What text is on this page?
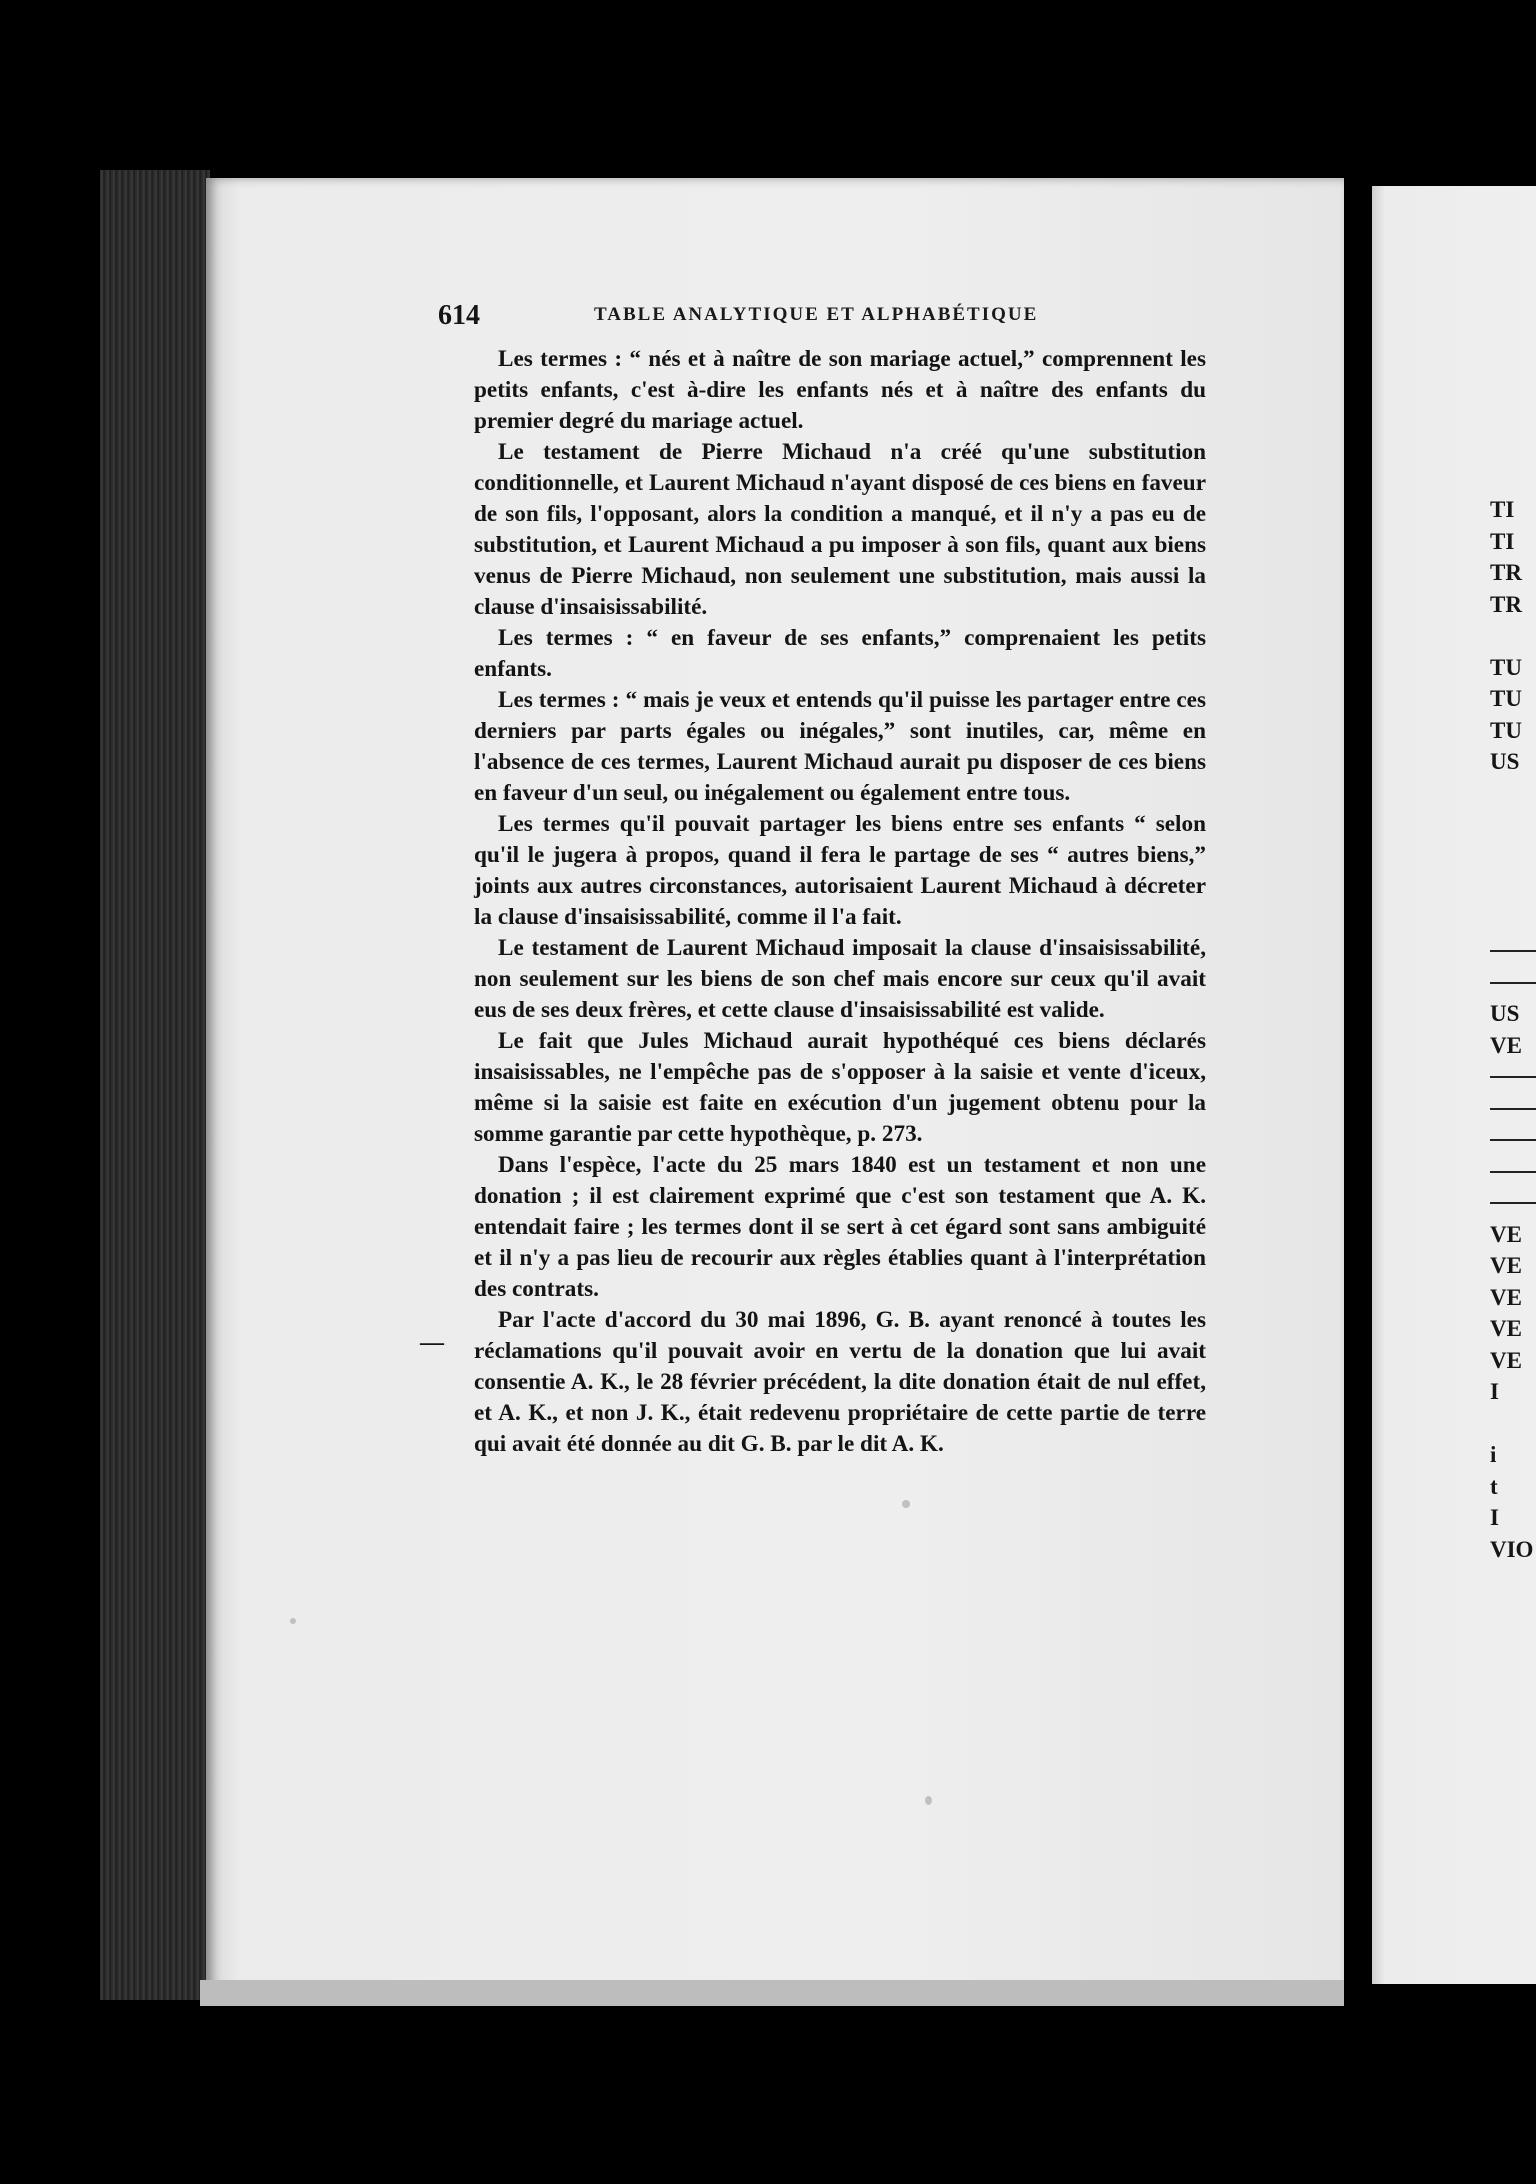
614	TABLE ANALYTIQUE ET ALPHABÉTIQUE
—

Les termes : “ nés et à naître de son mariage actuel,” comprennent les petits enfants, c'est à-dire les enfants nés et à naître des enfants du premier degré du mariage actuel.

Le testament de Pierre Michaud n'a créé qu'une substitution conditionnelle, et Laurent Michaud n'ayant disposé de ces biens en faveur de son fils, l'opposant, alors la condition a manqué, et il n'y a pas eu de substitution, et Laurent Michaud a pu imposer à son fils, quant aux biens venus de Pierre Michaud, non seulement une substitution, mais aussi la clause d'insaisissabilité.

Les termes : “ en faveur de ses enfants,” comprenaient les petits enfants.

Les termes : “ mais je veux et entends qu'il puisse les partager entre ces derniers par parts égales ou inégales,” sont inutiles, car, même en l'absence de ces termes, Laurent Michaud aurait pu disposer de ces biens en faveur d'un seul, ou inégalement ou également entre tous.

Les termes qu'il pouvait partager les biens entre ses enfants “ selon qu'il le jugera à propos, quand il fera le partage de ses “ autres biens,” joints aux autres circonstances, autorisaient Laurent Michaud à décreter la clause d'insaisissabilité, comme il l'a fait.

Le testament de Laurent Michaud imposait la clause d'insaisissabilité, non seulement sur les biens de son chef mais encore sur ceux qu'il avait eus de ses deux frères, et cette clause d'insaisissabilité est valide.

Le fait que Jules Michaud aurait hypothéqué ces biens déclarés insaisissables, ne l'empêche pas de s'opposer à la saisie et vente d'iceux, même si la saisie est faite en exécution d'un jugement obtenu pour la somme garantie par cette hypothèque, p. 273.

Dans l'espèce, l'acte du 25 mars 1840 est un testament et non une donation ; il est clairement exprimé que c'est son testament que A. K. entendait faire ; les termes dont il se sert à cet égard sont sans ambiguité et il n'y a pas lieu de recourir aux règles établies quant à l'interprétation des contrats.

Par l'acte d'accord du 30 mai 1896, G. B. ayant renoncé à toutes les réclamations qu'il pouvait avoir en vertu de la donation que lui avait consentie A. K., le 28 février précédent, la dite donation était de nul effet, et A. K., et non J. K., était redevenu propriétaire de cette partie de terre qui avait été donnée au dit G. B. par le dit A. K.

TI
TI
TR
TR
TU
TU
TU
US
US
VE
VE
VE
VE
VE
VE
I
i
t
I
VIO
